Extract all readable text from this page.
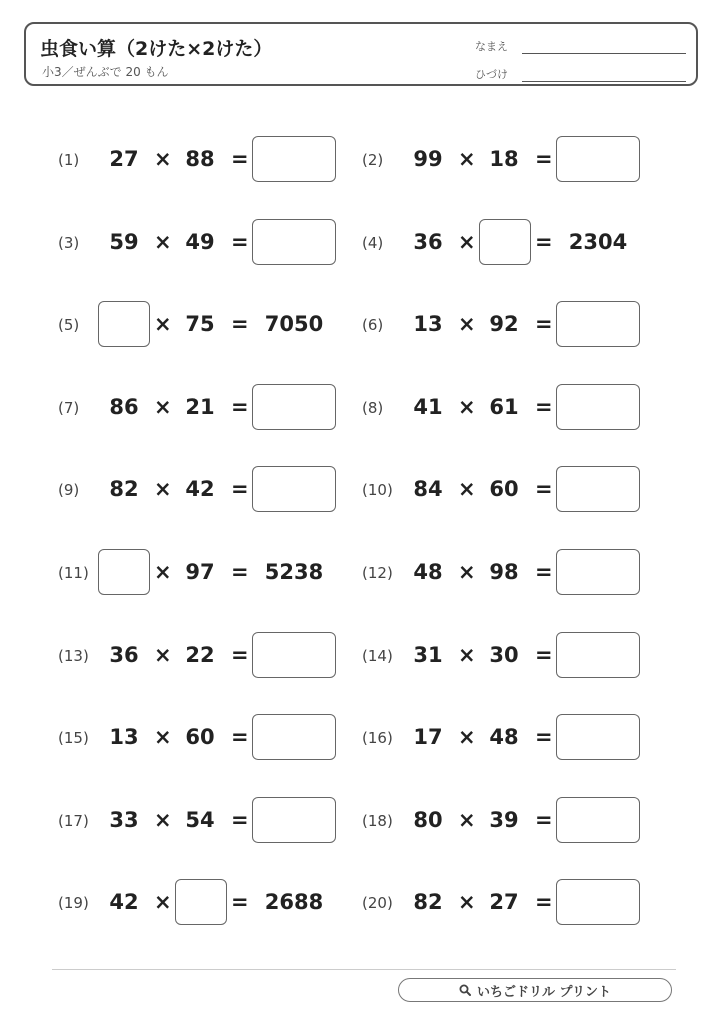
虫食い算（2けた×2けた）
小3／ぜんぶで 20 もん
なまえ
ひづけ
(1)	27 × 88 =	(2)	99 × 18 =
(3)	59 × 49 =	(4)	36 ×	= 2304
(5)	× 75 = 7050	(6)	13 × 92 =
(7)	86 × 21 =	(8)	41 × 61 =
(9)	82 × 42 =	(10) 84 × 60 =
(11)	× 97 = 5238	(12) 48 × 98 =
(13) 36 × 22 =	(14) 31 × 30 =
(15) 13 × 60 =	(16) 17 × 48 =
(17) 33 × 54 =	(18) 80 × 39 =
(19) 42 ×	= 2688	(20) 82 × 27 =
いちごドリル プリント
